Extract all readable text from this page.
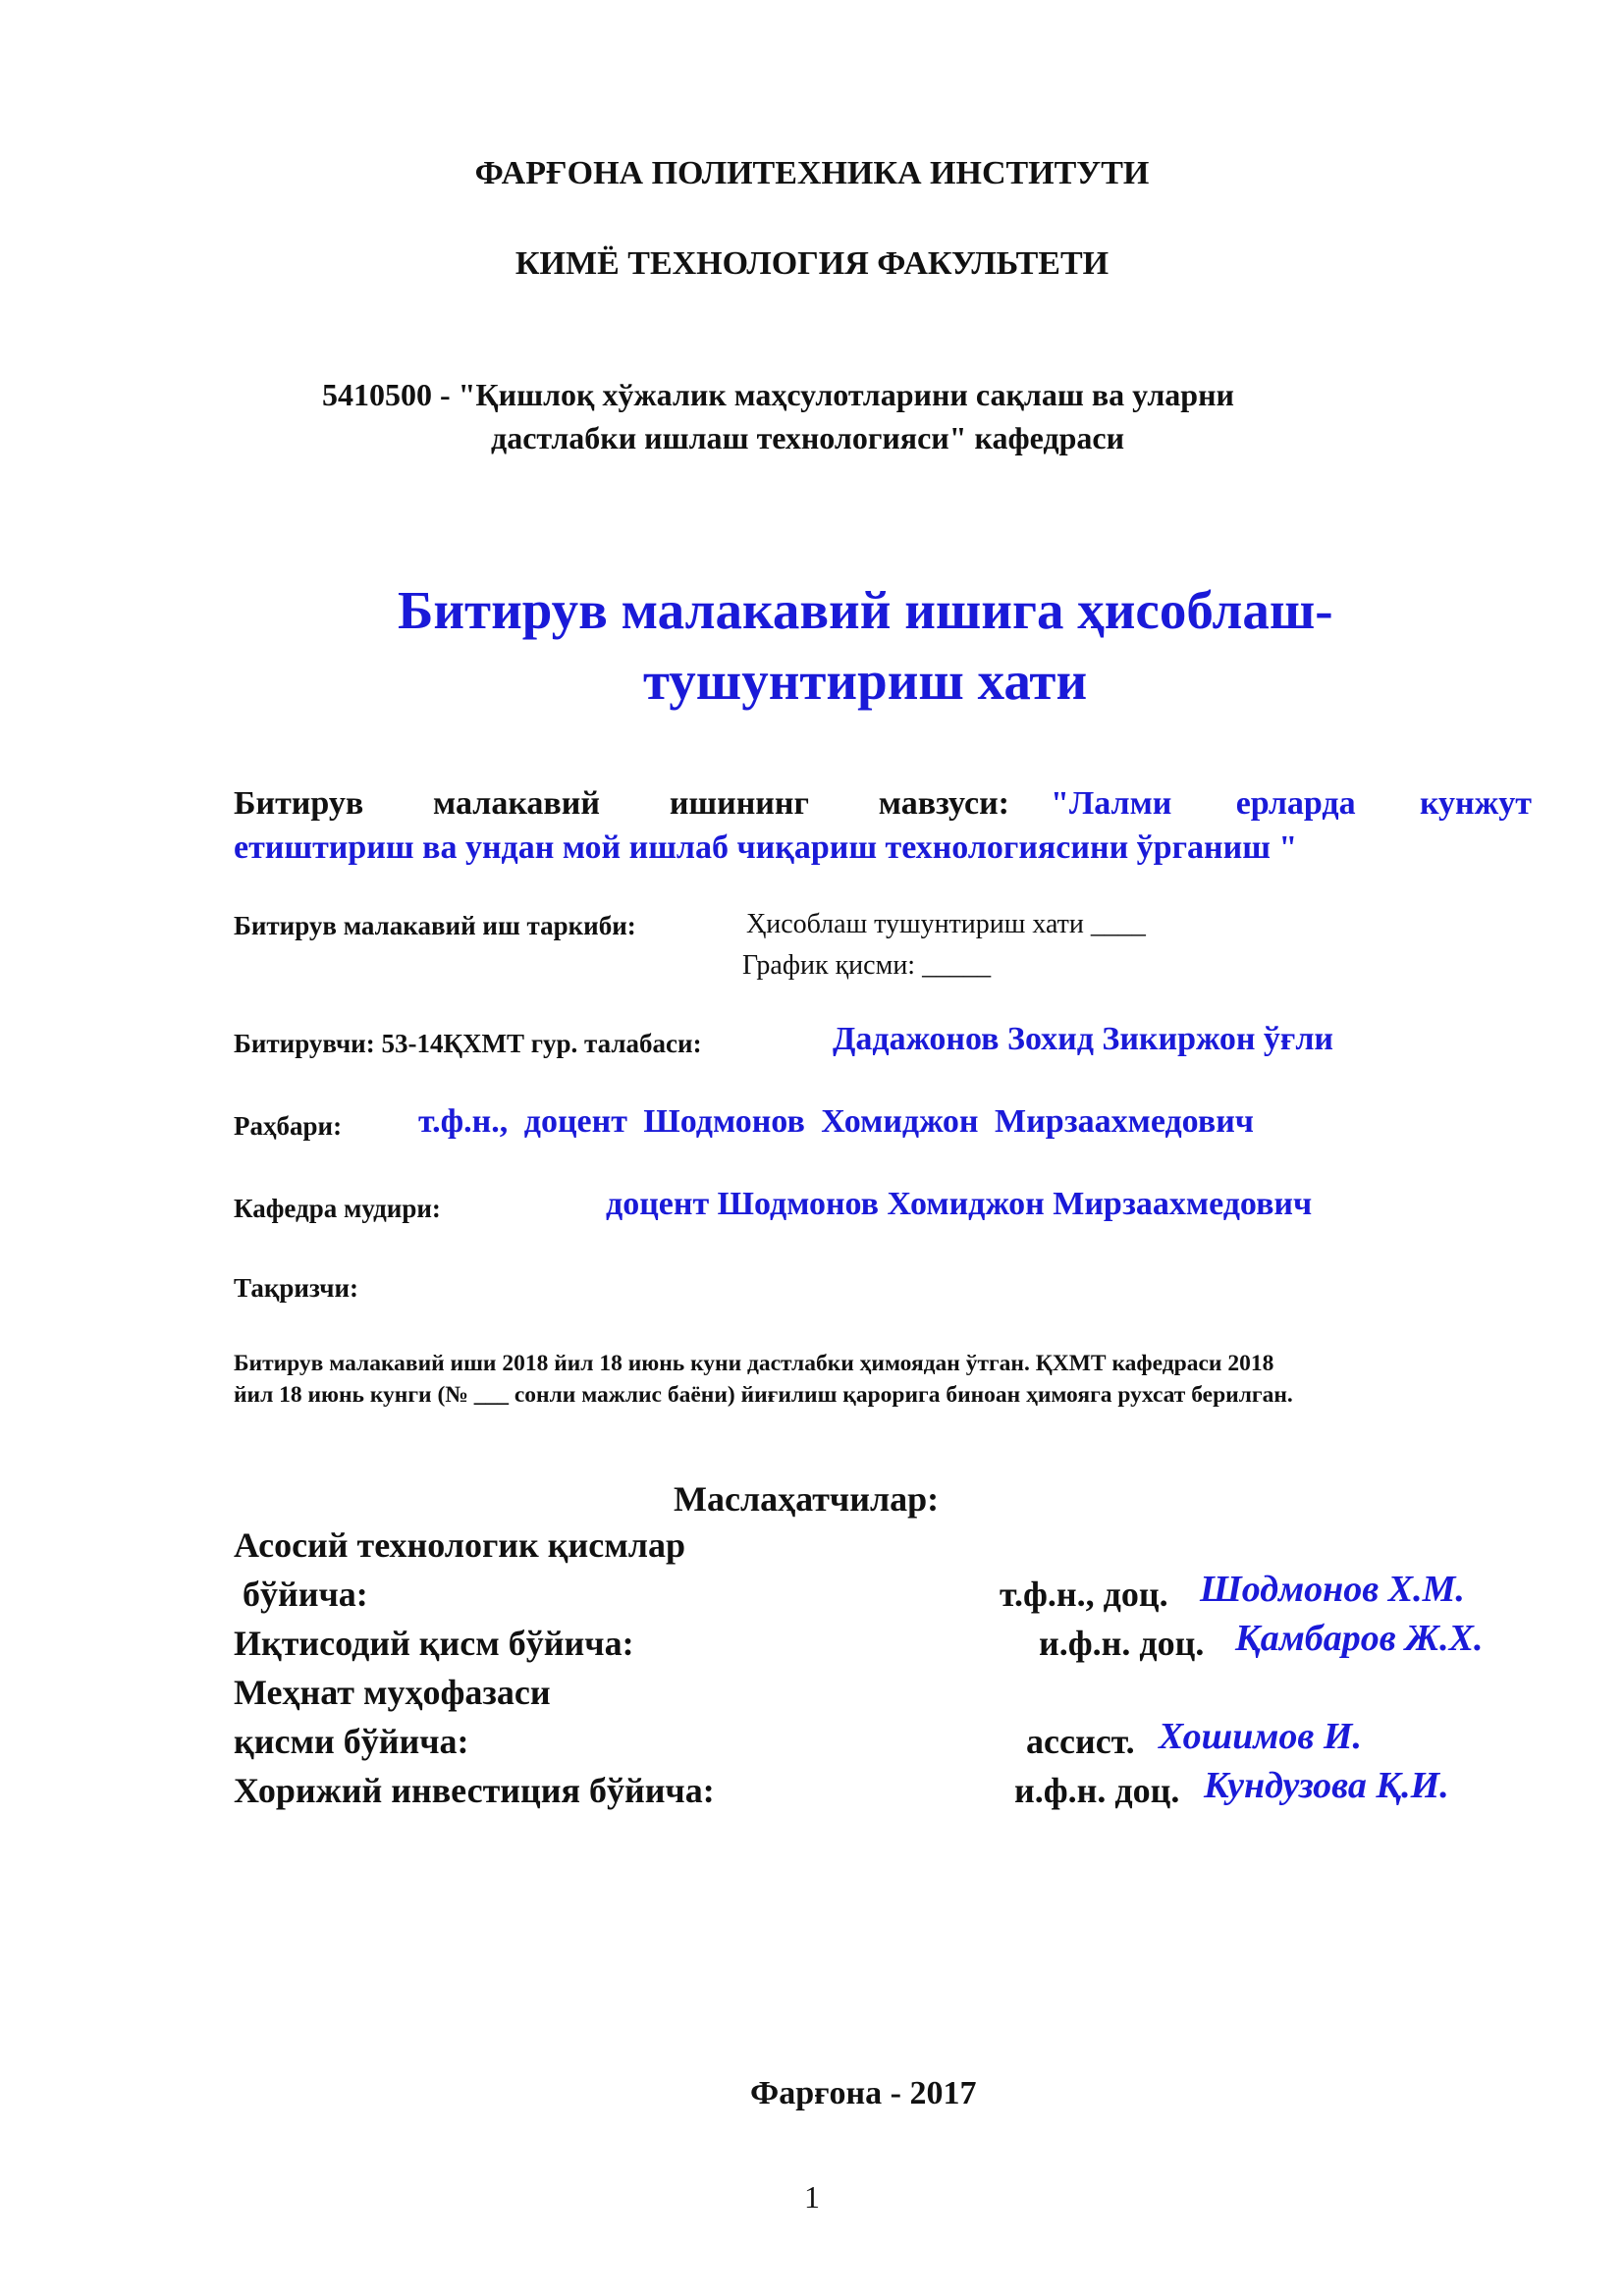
ФАРҒОНА ПОЛИТЕХНИКА ИНСТИТУТИ
КИМЁ ТЕХНОЛОГИЯ ФАКУЛЬТЕТИ
5410500 - "Қишлоқ хўжалик маҳсулотларини сақлаш ва уларни
дастлабки ишлаш технологияси" кафедраси
Битирув малакавий ишига ҳисоблаш-
тушунтириш хати
Битирув малакавий ишининг мавзуси: "Лалми ерларда кунжут
етиштириш ва ундан мой ишлаб чиқариш технологиясини ўрганиш "
Битирув малакавий иш таркиби:	Ҳисоблаш тушунтириш хати ____
График қисми: _____
Битирувчи: 53-14ҚХМТ гур. талабаси:	Дадажонов Зохид Зикиржон ўғли
Раҳбари: т.ф.н., доцент Шодмонов Хомиджон Мирзаахмедович
Кафедра мудири:	доцент Шодмонов Хомиджон Мирзаахмедович
Тақризчи:
Битирув малакавий иши 2018 йил 18 июнь куни дастлабки ҳимоядан ўтган. ҚХМТ кафедраси 2018
йил 18 июнь кунги (№ ___ сонли мажлис баёни) йиғилиш қарорига биноан ҳимояга рухсат берилган.
Маслаҳатчилар:
Асосий технологик қисмлар
бўйича:	т.ф.н., доц. Шодмонов Х.М.
Иқтисодий қисм бўйича:	и.ф.н. доц. Қамбаров Ж.Х.
Меҳнат муҳофазаси
қисми бўйича:	ассист. Хошимов И.
Хорижий инвестиция бўйича:	и.ф.н. доц. Кундузова Қ.И.
Фарғона - 2017
1
